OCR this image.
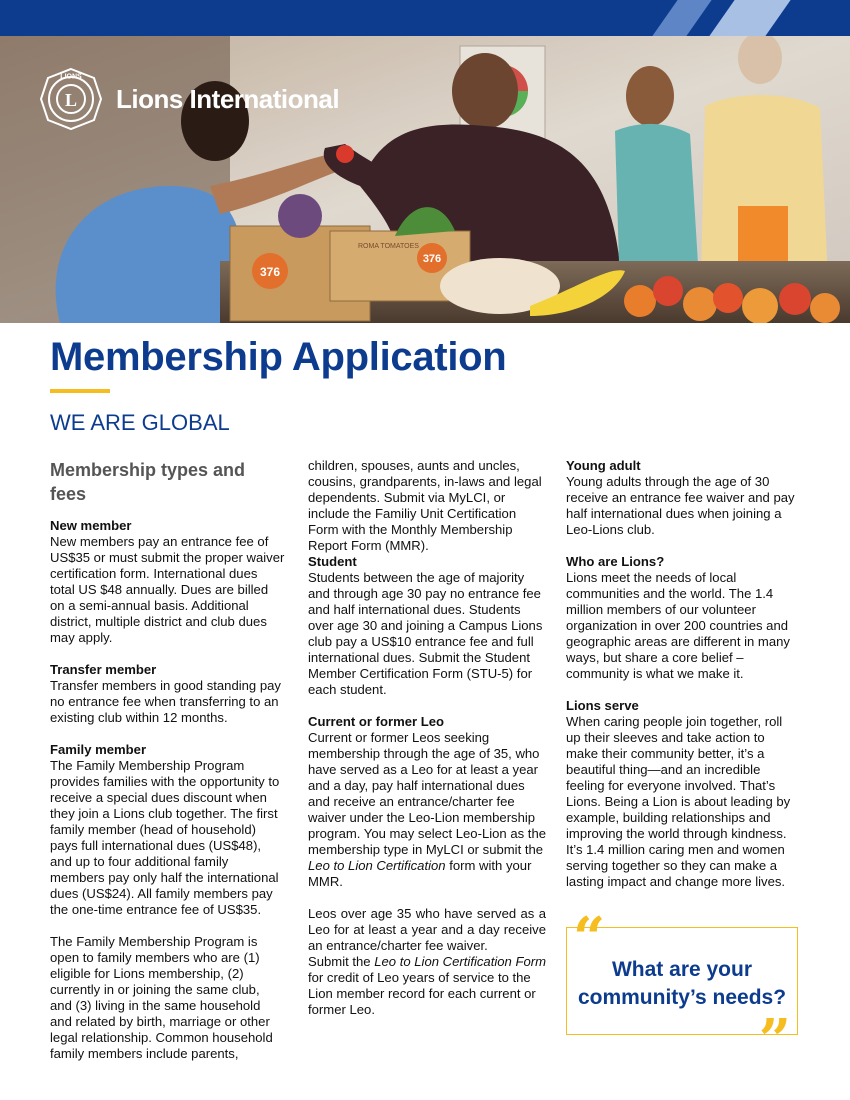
376
376
ROMA TOMATOES
LIONS
L Lions International
Membership Application
WE ARE GLOBAL
Membership types and fees
New member

New members pay an entrance fee of US$35 or must submit the proper waiver certification form. International dues total US $48 annually. Dues are billed on a semi-annual basis. Additional district, multiple district and club dues may apply.

Transfer member

Transfer members in good standing pay no entrance fee when transferring to an existing club within 12 months.

Family member

The Family Membership Program provides families with the opportunity to receive a special dues discount when they join a Lions club together. The first family member (head of household) pays full international dues (US$48), and up to four additional family members pay only half the international dues (US$24). All family members pay the one-time entrance fee of US$35.

The Family Membership Program is open to family members who are (1) eligible for Lions membership, (2) currently in or joining the same club, and (3) living in the same household and related by birth, marriage or other legal relationship. Common household family members include parents,

children, spouses, aunts and uncles, cousins, grandparents, in-laws and legal dependents. Submit via MyLCI, or include the Familiy Unit Certification Form with the Monthly Membership Report Form (MMR).

Student

Students between the age of majority and through age 30 pay no entrance fee and half international dues. Students over age 30 and joining a Campus Lions club pay a US$10 entrance fee and full international dues. Submit the Student Member Certification Form (STU-5) for each student.

Current or former Leo

Current or former Leos seeking membership through the age of 35, who have served as a Leo for at least a year and a day, pay half international dues and receive an entrance/charter fee waiver under the Leo-Lion membership program. You may select Leo-Lion as the membership type in MyLCI or submit the Leo to Lion Certification form with your MMR.

Leos over age 35 who have served as a Leo for at least a year and a day receive an entrance/charter fee waiver.

Submit the Leo to Lion Certification Form for credit of Leo years of service to the Lion member record for each current or former Leo.

Young adult

Young adults through the age of 30 receive an entrance fee waiver and pay half international dues when joining a Leo-Lions club.

Who are Lions?

Lions meet the needs of local communities and the world. The 1.4 million members of our volunteer organization in over 200 countries and geographic areas are different in many ways, but share a core belief – community is what we make it.

Lions serve

When caring people join together, roll up their sleeves and take action to make their community better, it’s a beautiful thing—and an incredible feeling for everyone involved. That’s Lions. Being a Lion is about leading by example, building relationships and improving the world through kindness. It’s 1.4 million caring men and women serving together so they can make a lasting impact and change more lives.

“ What are your community’s needs?
”
